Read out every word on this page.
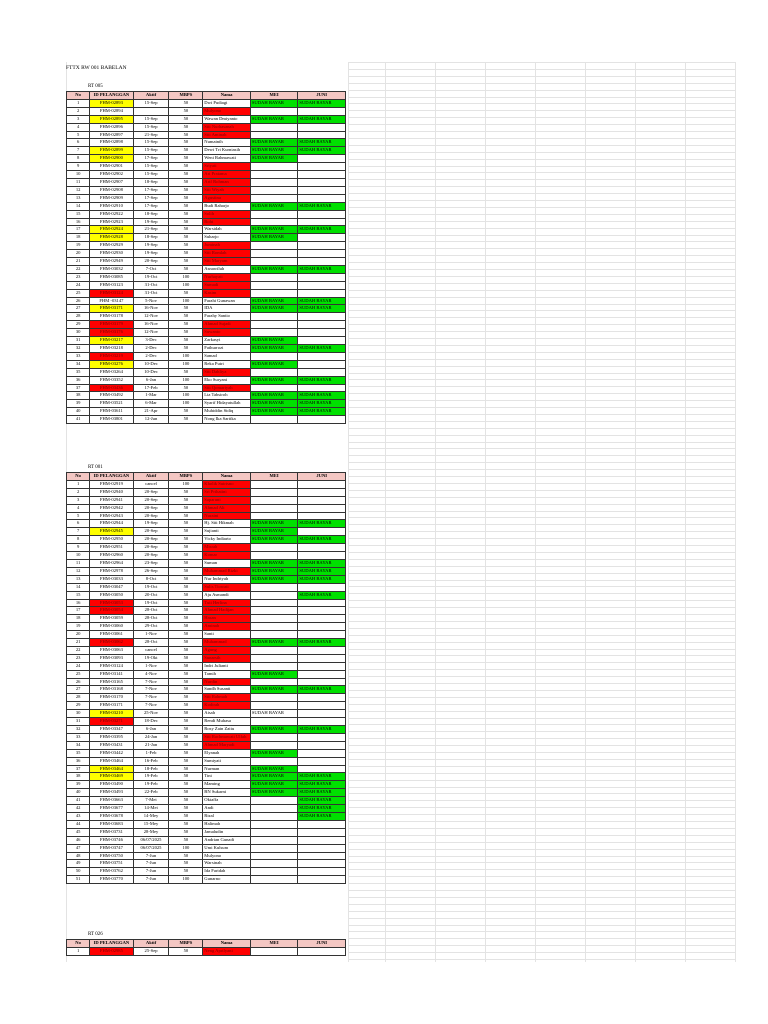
FTTX RW 001 BABELAN
RT 005
No	ID PELANGGAN	Aktif	MBPS	Nama	MEI	JUNI
1	FHM-02893	15-Sep	50	Dwi Pudiagi	SUDAH BAYAR	SUDAH BAYAR
2	FHM-02894		50	Mulyono		
3	FHM-02895	15-Sep	50	Wawan Dmiyanto	SUDAH BAYAR	SUDAH BAYAR
4	FHM-02896	15-Sep	50	Siti Nurhasanah		
5	FHM-02897	21-Sep	50	Siti Aminah		
6	FHM-02898	15-Sep	50	Numainih	SUDAH BAYAR	SUDAH BAYAR
7	FHM-02899	15-Sep	50	Dewi Tri Kurniasih	SUDAH BAYAR	SUDAH BAYAR
8	FHM-02900	17-Sep	50	Weni Rahmawati	SUDAH BAYAR	
9	FHM-02901	15-Sep	50	Sriyati		
10	FHM-02902	15-Sep	50	Ari Pratama		
11	FHM-02907	18-Sep	50	Arif Rohman		
12	FHM-02908	17-Sep	50	Siti Wiyah		
13	FHM-02909	17-Sep	50	Agustina		
14	FHM-02910	17-Sep	50	Budi Raharjo	SUDAH BAYAR	SUDAH BAYAR
15	FHM-02922	18-Sep	50	Solih		
16	FHM-02923	19-Sep	50	Rohi		
17	FHM-02924	21-Sep	50	Warsidah	SUDAH BAYAR	SUDAH BAYAR
18	FHM-02928	18-Sep	50	Suharjo	SUDAH BAYAR	
19	FHM-02929	19-Sep	50	Juminah		
20	FHM-02930	19-Sep	50	Siti Romlah		
21	FHM-02949	20-Sep	50	Siti Maryam		
22	FHM-03032	7-Oct	50	Asnawiluh	SUDAH BAYAR	SUDAH BAYAR
23	FHM-03085	19-Oct	100	Nurhayati		
24	FHM-03123	31-Oct	100	Sumadi		
25	FHM-03124	31-Oct	50	Kasim		
26	FHM -03147	5-Nov	100	Farahi Gunawan	SUDAH BAYAR	SUDAH BAYAR
27	FHM-03171	16-Nov	50	IDA	SUDAH BAYAR	SUDAH BAYAR
28	FHM-03178	12-Nov	50	Farahy Santio		
29	FHM-03179	16-Nov	50	Ahmad Sujadi		
30	FHM-03176	12-Nov	50	Suwanto		
31	FHM-03217	3-Dec	50	Zarkasyi	SUDAH BAYAR	
32	FHM-03218	2-Dec	50	Fathurrozi	SUDAH BAYAR	SUDAH BAYAR
33	FHM-03219	2-Dec	100	Samad		
34	FHM-03276	10-Dec	100	Reka Putri	SUDAH BAYAR	
35	FHM-03264	10-Dec	50	Siti Dahliya		
36	FHM-03352	6-Jan	100	Eko Suryani	SUDAH BAYAR	SUDAH BAYAR
37	FHM-03436	17-Feb	50	Siti Qomariyah		
38	FHM-03492	1-Mar	100	Lia Tabsiroh	SUDAH BAYAR	SUDAH BAYAR
39	FHM-03521	6-Mar	100	Syarif Hidayatullah	SUDAH BAYAR	SUDAH BAYAR
40	FHM-03611	21-Apr	50	Muhiddin Sidiq	SUDAH BAYAR	SUDAH BAYAR
41	FHM-03801	12-Jun	50	Nong Ika Sartika		
RT 001
No	ID PELANGGAN	Aktif	MBPS	Nama	MEI	JUNI
1	FHM-02919	cancel	100	Kholik Sutrisno		
2	FHM-02940	20-Sep	50	Sri Prihatini		
3	FHM-02941	20-Sep	50	Saparuni		
4	FHM-02942	20-Sep	50	Ahmad Ali		
5	FHM-02943	20-Sep	50	Nuraini		
6	FHM-02944	19-Sep	50	Hj. Siti Hikmah	SUDAH BAYAR	SUDAH BAYAR
7	FHM-02945	20-Sep	50	Sujianti	SUDAH BAYAR	
8	FHM-02950	20-Sep	50	Vicky Indiarto	SUDAH BAYAR	SUDAH BAYAR
9	FHM-02951	20-Sep	50	Misrah		
10	FHM-02960	20-Sep	50	Komar		
11	FHM-02964	23-Sep	50	Suman	SUDAH BAYAR	SUDAH BAYAR
12	FHM-02978	26-Sep	50	Muhammad Rizki	SUDAH BAYAR	SUDAH BAYAR
13	FHM-03033	8-Oct	50	Nur Indriyah	SUDAH BAYAR	SUDAH BAYAR
14	FHM-03047	19-Oct	50	Sulis Tiowati		
15	FHM-03050	20-Oct	50	Aju Asmandi		SUDAH BAYAR
16	FHM-03053	19-Oct	50	Tuti Herlina		
17	FHM-03054	28-Oct	50	Ahmad Hadijan		
18	FHM-03059	28-Oct	50	Hasan		
19	FHM-03060	29-Oct	50	Aminah		
20	FHM-03061	1-Nov	50	Santi		
21	FHM-03062	28-Oct	50	Muhammad	SUDAH BAYAR	SUDAH BAYAR
22	FHM-03063	cancel	50	Agung		
23	FHM-03093	19-Okt	50	Sunarsih		
24	FHM-03124	1-Nov	50	Indri Julianti		
25	FHM-03141	4-Nov	50	Tamih	SUDAH BAYAR	
26	FHM-03165	7-Nov	50	Nurdin		
27	FHM-03168	7-Nov	50	Sandh Susanti	SUDAH BAYAR	SUDAH BAYAR
28	FHM-03170	7-Nov	50	Siti Rahmah		
29	FHM-03171	7-Nov	50	Kodirah		
30	FHM-03210	25-Nov	50	Aisah	SUDAH BAYAR	
31	FHM-03271	18-Dec	50	Rendi Muhasa		
32	FHM-03347	6-Jan	50	Rosy Zain Zaitu	SUDAH BAYAR	SUDAH BAYAR
33	FHM-03395	24-Jan	50	Siti Rachmawati Ulfah		
34	FHM-03431	21-Jan	50	Ahmad Maryadi		
35	FHM-03442	1-Feb	50	Elyanah	SUDAH BAYAR	
36	FHM-03464	16-Feb	50	Sumiyati		
37	FHM-03464	18-Feb	50	Nurman	SUDAH BAYAR	
38	FHM-03469	19-Feb	50	Tini	SUDAH BAYAR	SUDAH BAYAR
39	FHM-03490	19-Feb	50	Maming	SUDAH BAYAR	SUDAH BAYAR
40	FHM-03493	22-Feb	50	BN Sukarni	SUDAH BAYAR	SUDAH BAYAR
41	FHM-03663	7-Mei	50	Oktaffa		SUDAH BAYAR
42	FHM-03677	14-Mei	50	Andi		SUDAH BAYAR
43	FHM-03678	14-Mey	50	Rizal		SUDAH BAYAR
44	FHM-03683	15-Mey	50	Halimah		
45	FHM-03731	28-Mey	50	Jamaludin		
46	FHM-03746	06/07/2025	50	Andrian Gunadi		
47	FHM-03747	06/07/2025	100	Umi Kulsum		
48	FHM-03750	7-Jun	50	Mulyono		
49	FHM-03751	7-Jun	50	Warsinah		
50	FHM-03762	7-Jun	50	Ida Faridah		
51	FHM-03770	7-Jun	100	Gunarno		
RT 026
No	ID PELANGGAN	Aktif	MBPS	Nama	MEI	JUNI
1	FHM-02985	25-Sep	50	Neng Aprilyani		
